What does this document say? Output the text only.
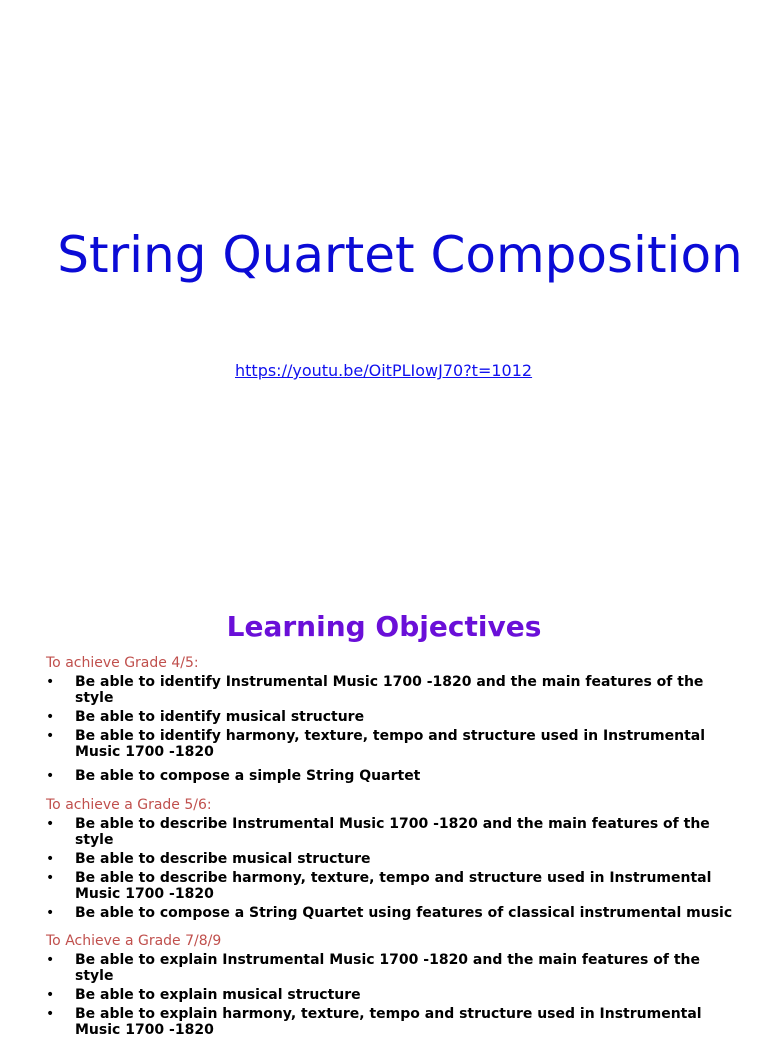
String Quartet Composition
https://youtu.be/OitPLIowJ70?t=1012
Learning Objectives
To achieve Grade 4/5:
• Be able to identify Instrumental Music 1700 -1820 and the main features of the style
• Be able to identify musical structure
• Be able to identify harmony, texture, tempo and structure used in Instrumental Music 1700 -1820
• Be able to compose a simple String Quartet
To achieve a Grade 5/6:
• Be able to describe Instrumental Music 1700 -1820 and the main features of the style
• Be able to describe musical structure
• Be able to describe harmony, texture, tempo and structure used in Instrumental Music 1700 -1820
• Be able to compose a String Quartet using features of classical instrumental music
To Achieve a Grade 7/8/9
• Be able to explain Instrumental Music 1700 -1820 and the main features of the style
• Be able to explain musical structure
• Be able to explain harmony, texture, tempo and structure used in Instrumental Music 1700 -1820
